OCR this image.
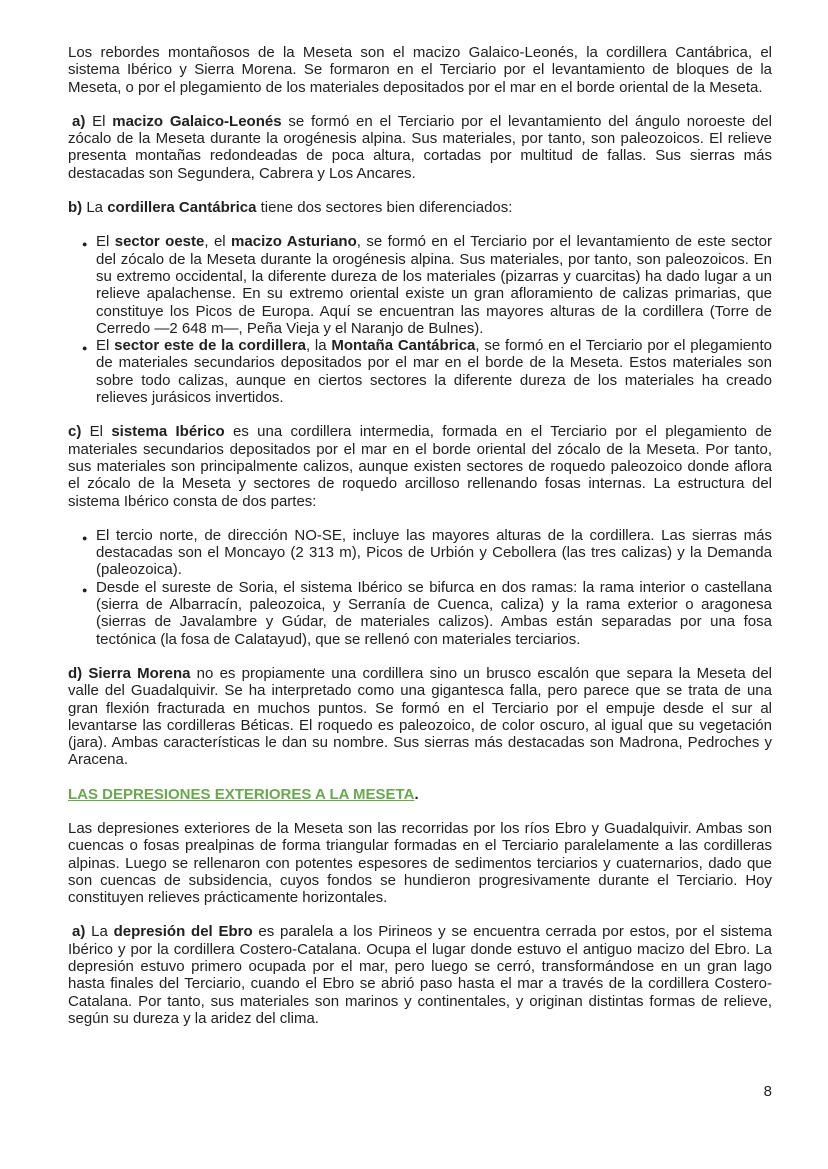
Los rebordes montañosos de la Meseta son el macizo Galaico-Leonés, la cordillera Cantábrica, el sistema Ibérico y Sierra Morena. Se formaron en el Terciario por el levantamiento de bloques de la Meseta, o por el plegamiento de los materiales depositados por el mar en el borde oriental de la Meseta.

a) El macizo Galaico-Leonés se formó en el Terciario por el levantamiento del ángulo noroeste del zócalo de la Meseta durante la orogénesis alpina. Sus materiales, por tanto, son paleozoicos. El relieve presenta montañas redondeadas de poca altura, cortadas por multitud de fallas. Sus sierras más destacadas son Segundera, Cabrera y Los Ancares.

b) La cordillera Cantábrica tiene dos sectores bien diferenciados:

● El sector oeste, el macizo Asturiano, se formó en el Terciario por el levantamiento de este sector del zócalo de la Meseta durante la orogénesis alpina. Sus materiales, por tanto, son paleozoicos. En su extremo occidental, la diferente dureza de los materiales (pizarras y cuarcitas) ha dado lugar a un relieve apalachense. En su extremo oriental existe un gran afloramiento de calizas primarias, que constituye los Picos de Europa. Aquí se encuentran las mayores alturas de la cordillera (Torre de Cerredo —2 648 m—, Peña Vieja y el Naranjo de Bulnes).
● El sector este de la cordillera, la Montaña Cantábrica, se formó en el Terciario por el plegamiento de materiales secundarios depositados por el mar en el borde de la Meseta. Estos materiales son sobre todo calizas, aunque en ciertos sectores la diferente dureza de los materiales ha creado relieves jurásicos invertidos.

c) El sistema Ibérico es una cordillera intermedia, formada en el Terciario por el plegamiento de materiales secundarios depositados por el mar en el borde oriental del zócalo de la Meseta. Por tanto, sus materiales son principalmente calizos, aunque existen sectores de roquedo paleozoico donde aflora el zócalo de la Meseta y sectores de roquedo arcilloso rellenando fosas internas. La estructura del sistema Ibérico consta de dos partes:

● El tercio norte, de dirección NO-SE, incluye las mayores alturas de la cordillera. Las sierras más destacadas son el Moncayo (2 313 m), Picos de Urbión y Cebollera (las tres calizas) y la Demanda (paleozoica).
● Desde el sureste de Soria, el sistema Ibérico se bifurca en dos ramas: la rama interior o castellana (sierra de Albarracín, paleozoica, y Serranía de Cuenca, caliza) y la rama exterior o aragonesa (sierras de Javalambre y Gúdar, de materiales calizos). Ambas están separadas por una fosa tectónica (la fosa de Calatayud), que se rellenó con materiales terciarios.

d) Sierra Morena no es propiamente una cordillera sino un brusco escalón que separa la Meseta del valle del Guadalquivir. Se ha interpretado como una gigantesca falla, pero parece que se trata de una gran flexión fracturada en muchos puntos. Se formó en el Terciario por el empuje desde el sur al levantarse las cordilleras Béticas. El roquedo es paleozoico, de color oscuro, al igual que su vegetación (jara). Ambas características le dan su nombre. Sus sierras más destacadas son Madrona, Pedroches y Aracena.

LAS DEPRESIONES EXTERIORES A LA MESETA.

Las depresiones exteriores de la Meseta son las recorridas por los ríos Ebro y Guadalquivir. Ambas son cuencas o fosas prealpinas de forma triangular formadas en el Terciario paralelamente a las cordilleras alpinas. Luego se rellenaron con potentes espesores de sedimentos terciarios y cuaternarios, dado que son cuencas de subsidencia, cuyos fondos se hundieron progresivamente durante el Terciario. Hoy constituyen relieves prácticamente horizontales.

a) La depresión del Ebro es paralela a los Pirineos y se encuentra cerrada por estos, por el sistema Ibérico y por la cordillera Costero-Catalana. Ocupa el lugar donde estuvo el antiguo macizo del Ebro. La depresión estuvo primero ocupada por el mar, pero luego se cerró, transformándose en un gran lago hasta finales del Terciario, cuando el Ebro se abrió paso hasta el mar a través de la cordillera Costero-Catalana. Por tanto, sus materiales son marinos y continentales, y originan distintas formas de relieve, según su dureza y la aridez del clima.

8
